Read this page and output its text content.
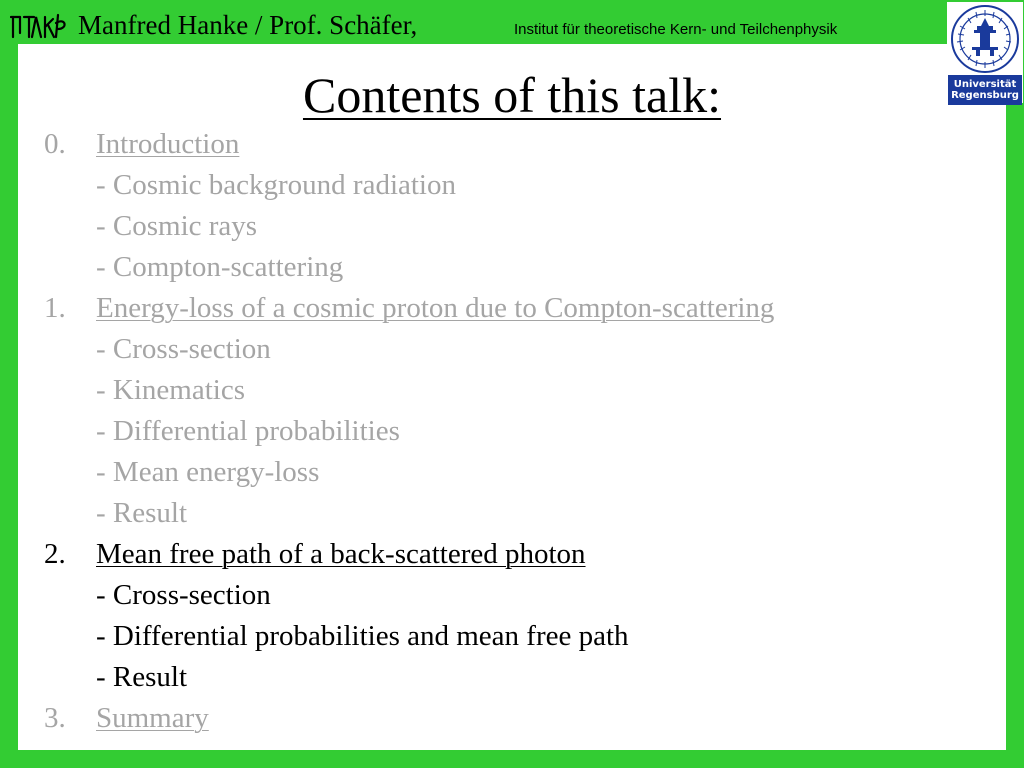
Manfred Hanke / Prof. Schäfer,	Institut für theoretische Kern- und Teilchenphysik
Universität
Regensburg
Contents of this talk:
0. Introduction
- Cosmic background radiation
- Cosmic rays
- Compton-scattering
1. Energy-loss of a cosmic proton due to Compton-scattering
- Cross-section
- Kinematics
- Differential probabilities
- Mean energy-loss
- Result
2. Mean free path of a back-scattered photon
- Cross-section
- Differential probabilities and mean free path
- Result
3. Summary
